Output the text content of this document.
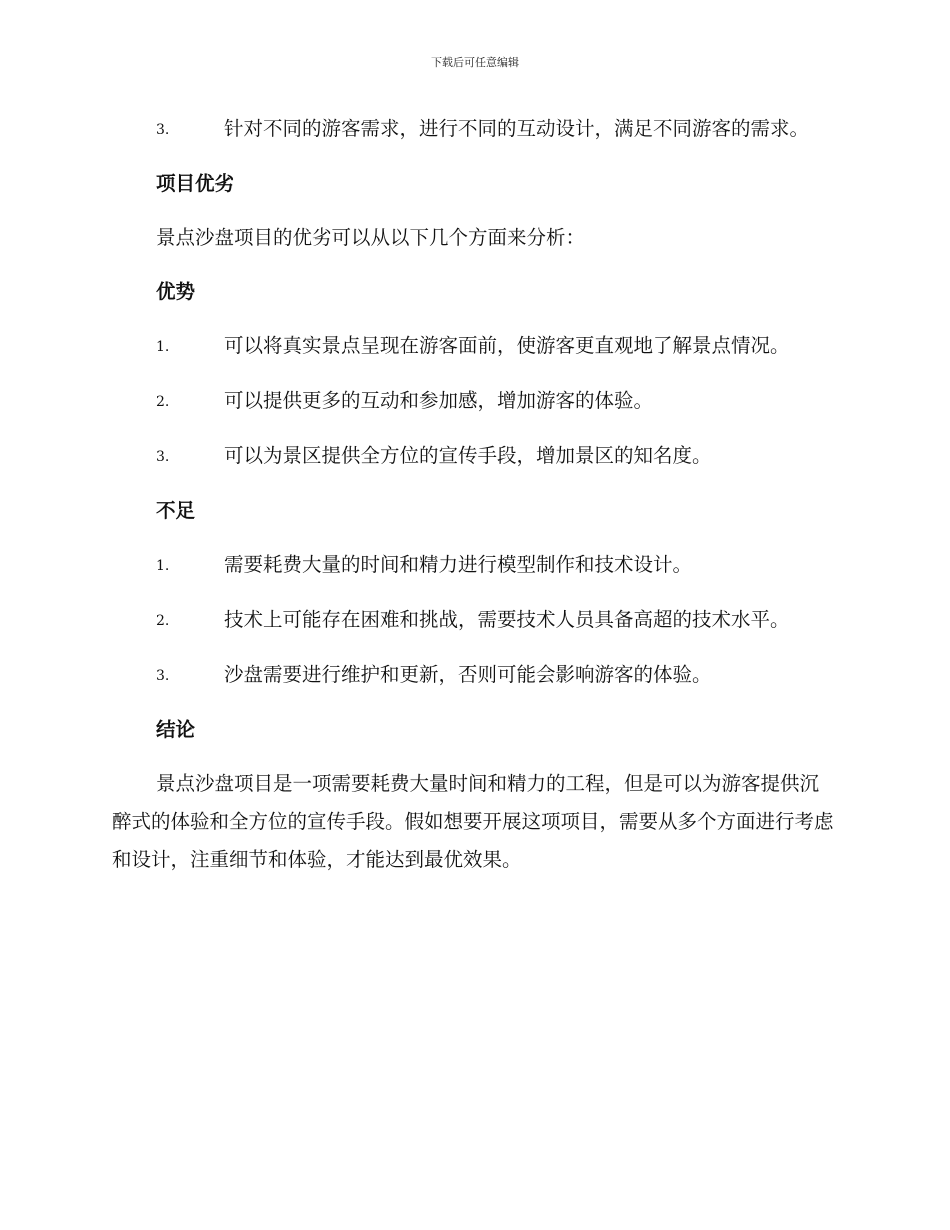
下载后可任意编辑

3.	针对不同的游客需求，进行不同的互动设计，满足不同游客的需求。

项目优劣

景点沙盘项目的优劣可以从以下几个方面来分析：

优势

1.	可以将真实景点呈现在游客面前，使游客更直观地了解景点情况。

2.	可以提供更多的互动和参加感，增加游客的体验。

3.	可以为景区提供全方位的宣传手段，增加景区的知名度。

不足

1.	需要耗费大量的时间和精力进行模型制作和技术设计。

2.	技术上可能存在困难和挑战，需要技术人员具备高超的技术水平。

3.	沙盘需要进行维护和更新，否则可能会影响游客的体验。

结论

景点沙盘项目是一项需要耗费大量时间和精力的工程，但是可以为游客提供沉醉式的体验和全方位的宣传手段。假如想要开展这项项目，需要从多个方面进行考虑和设计，注重细节和体验，才能达到最优效果。
